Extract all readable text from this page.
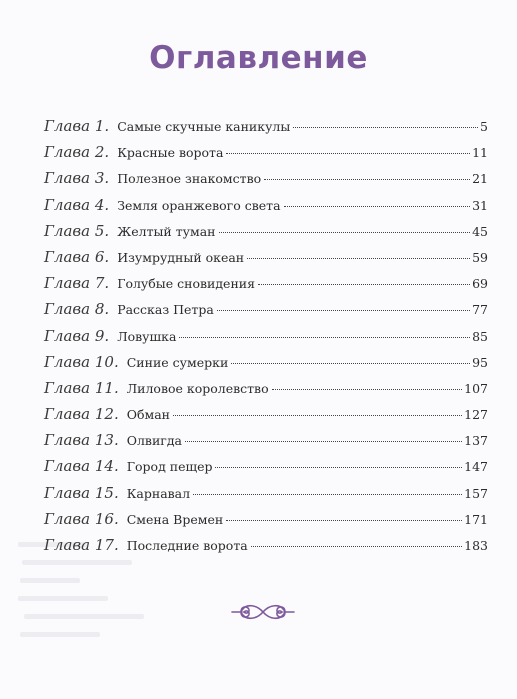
Оглавление
Глава 1. Самые скучные каникулы	5
Глава 2. Красные ворота	11
Глава 3. Полезное знакомство	21
Глава 4. Земля оранжевого света	31
Глава 5. Желтый туман	45
Глава 6. Изумрудный океан	59
Глава 7. Голубые сновидения	69
Глава 8. Рассказ Петра	77
Глава 9. Ловушка	85
Глава 10. Синие сумерки	95
Глава 11. Лиловое королевство	107
Глава 12. Обман	127
Глава 13. Олвигда	137
Глава 14. Город пещер	147
Глава 15. Карнавал	157
Глава 16. Смена Времен	171
Глава 17. Последние ворота	183
